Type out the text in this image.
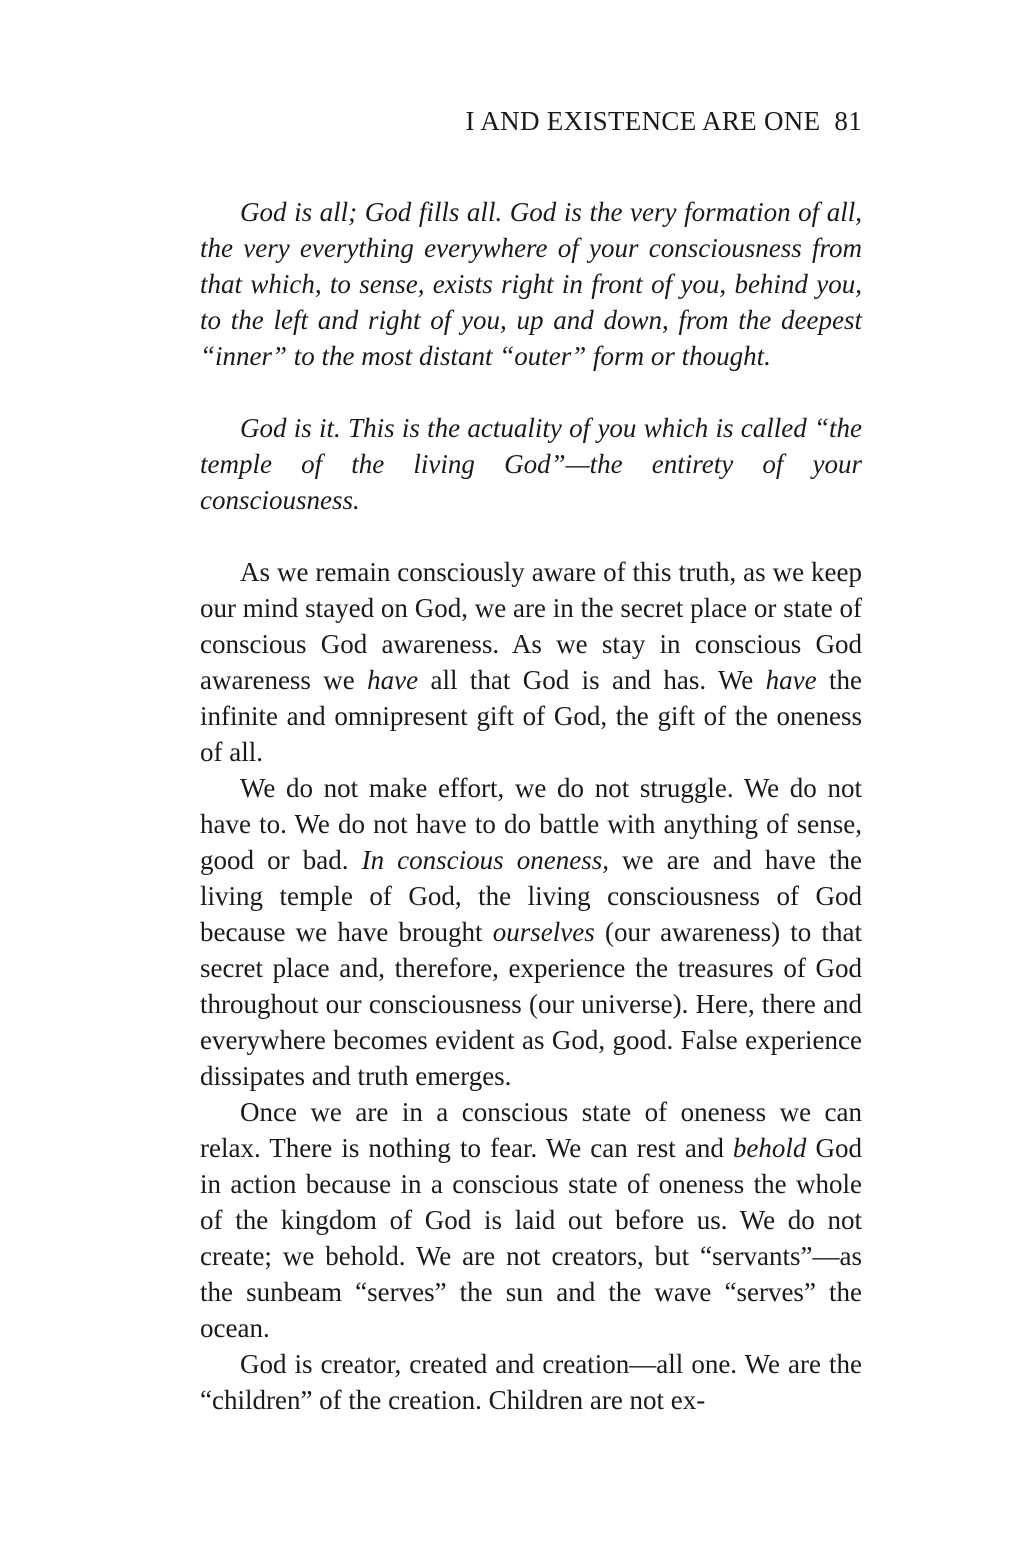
I AND EXISTENCE ARE ONE 81

God is all; God fills all. God is the very formation of all, the very everything everywhere of your consciousness from that which, to sense, exists right in front of you, behind you, to the left and right of you, up and down, from the deepest “inner” to the most distant “outer” form or thought.

God is it. This is the actuality of you which is called “the temple of the living God”—the entirety of your consciousness.

As we remain consciously aware of this truth, as we keep our mind stayed on God, we are in the secret place or state of conscious God awareness. As we stay in conscious God awareness we have all that God is and has. We have the infinite and omnipresent gift of God, the gift of the oneness of all.

We do not make effort, we do not struggle. We do not have to. We do not have to do battle with anything of sense, good or bad. In conscious oneness, we are and have the living temple of God, the living consciousness of God because we have brought ourselves (our awareness) to that secret place and, therefore, experience the treasures of God throughout our consciousness (our universe). Here, there and everywhere becomes evident as God, good. False experience dissipates and truth emerges.

Once we are in a conscious state of oneness we can relax. There is nothing to fear. We can rest and behold God in action because in a conscious state of oneness the whole of the kingdom of God is laid out before us. We do not create; we behold. We are not creators, but “servants”—as the sunbeam “serves” the sun and the wave “serves” the ocean.

God is creator, created and creation—all one. We are the “children” of the creation. Children are not ex-
